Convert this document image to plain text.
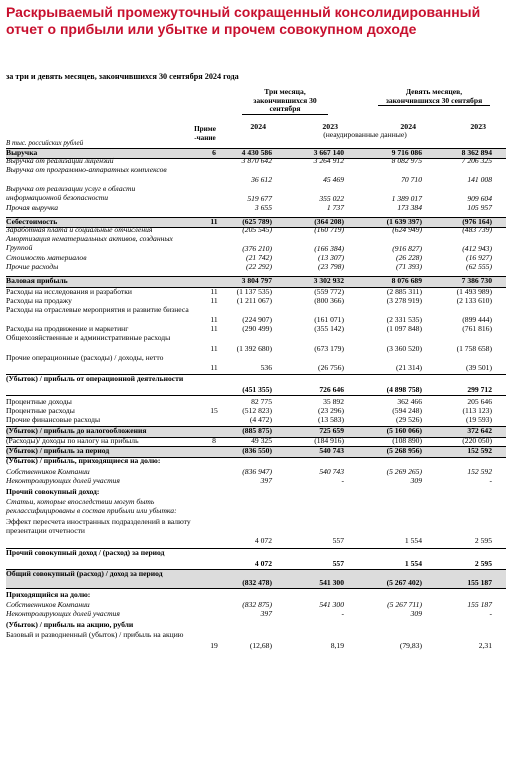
Раскрываемый промежуточный сокращенный консолидированный отчет о прибыли или убытке и прочем совокупном доходе
за три и девять месяцев, закончившихся 30 сентября 2024 года
Три месяца, закончившихся 30 сентября
Девять месяцев, закончившихся 30 сентября
(неаудированные данные)
Приме -чание
2024	2023	2024	2023
В тыс. российских рублей
Выручка	6	4 430 586	3 667 140	9 716 086	8 362 894
Выручка от реализации лицензий	3 870 642	3 264 912	8 082 975	7 206 325
Выручка от программно-аппаратных комплексов
36 612	45 469	70 710	141 008
Выручка от реализации услуг в области информационной безопасности	519 677	355 022	1 389 017	909 604
Прочая выручка	3 655	1 737	173 384	105 957
Себестоимость	11	(625 789)	(364 208)	(1 639 397)	(976 164)
Заработная плата и социальные отчисления	(205 545)	(160 719)	(624 949)	(483 739)
Амортизация нематериальных активов, созданных Группой	(376 210)	(166 384)	(916 827)	(412 943)
Стоимость материалов	(21 742)	(13 307)	(26 228)	(16 927)
Прочие расходы	(22 292)	(23 798)	(71 393)	(62 555)
Валовая прибыль	3 804 797	3 302 932	8 076 689	7 386 730
Расходы на исследования и разработки	11	(1 137 535)	(559 772)	(2 885 311)	(1 493 989)
Расходы на продажу	11	(1 211 067)	(800 366)	(3 278 919)	(2 133 610)
Расходы на отраслевые мероприятия и развитие бизнеса
11	(224 907)	(161 071)	(2 331 535)	(899 444)
Расходы на продвижение и маркетинг	11	(290 499)	(355 142)	(1 097 848)	(761 816)
Общехозяйственные и административные расходы
11	(1 392 680)	(673 179)	(3 360 520)	(1 758 658)
Прочие операционные (расходы) / доходы, нетто
11	536	(26 756)	(21 314)	(39 501)
(Убыток) / прибыль от операционной деятельности
(451 355)	726 646	(4 898 758)	299 712
Процентные доходы	82 775	35 892	362 466	205 646
Процентные расходы	15	(512 823)	(23 296)	(594 248)	(113 123)
Прочие финансовые расходы	(4 472)	(13 583)	(29 526)	(19 593)
(Убыток) / прибыль до налогообложения	(885 875)	725 659	(5 160 066)	372 642
(Расходы)/ доходы по налогу на прибыль	8	49 325	(184 916)	(108 890)	(220 050)
(Убыток) / прибыль за период	(836 550)	540 743	(5 268 956)	152 592
(Убыток) / прибыль, приходящиеся на долю:
Собственников Компании	(836 947)	540 743	(5 269 265)	152 592
Неконтролирующих долей участия	397	-	309	-
Прочий совокупный доход:
Статьи, которые впоследствии могут быть реклассифицированы в состав прибыли или убытка:
Эффект пересчета иностранных подразделений в валюту презентации отчетности
4 072	557	1 554	2 595
Прочий совокупный доход / (расход) за период
4 072	557	1 554	2 595
Общий совокупный (расход) / доход за период
(832 478)	541 300	(5 267 402)	155 187
Приходящийся на долю:
Собственников Компании	(832 875)	541 300	(5 267 711)	155 187
Неконтролирующих долей участия	397	-	309	-
(Убыток) / прибыль на акцию, рубли
Базовый и разводненный (убыток) / прибыль на акцию
19	(12,68)	8,19	(79,83)	2,31
